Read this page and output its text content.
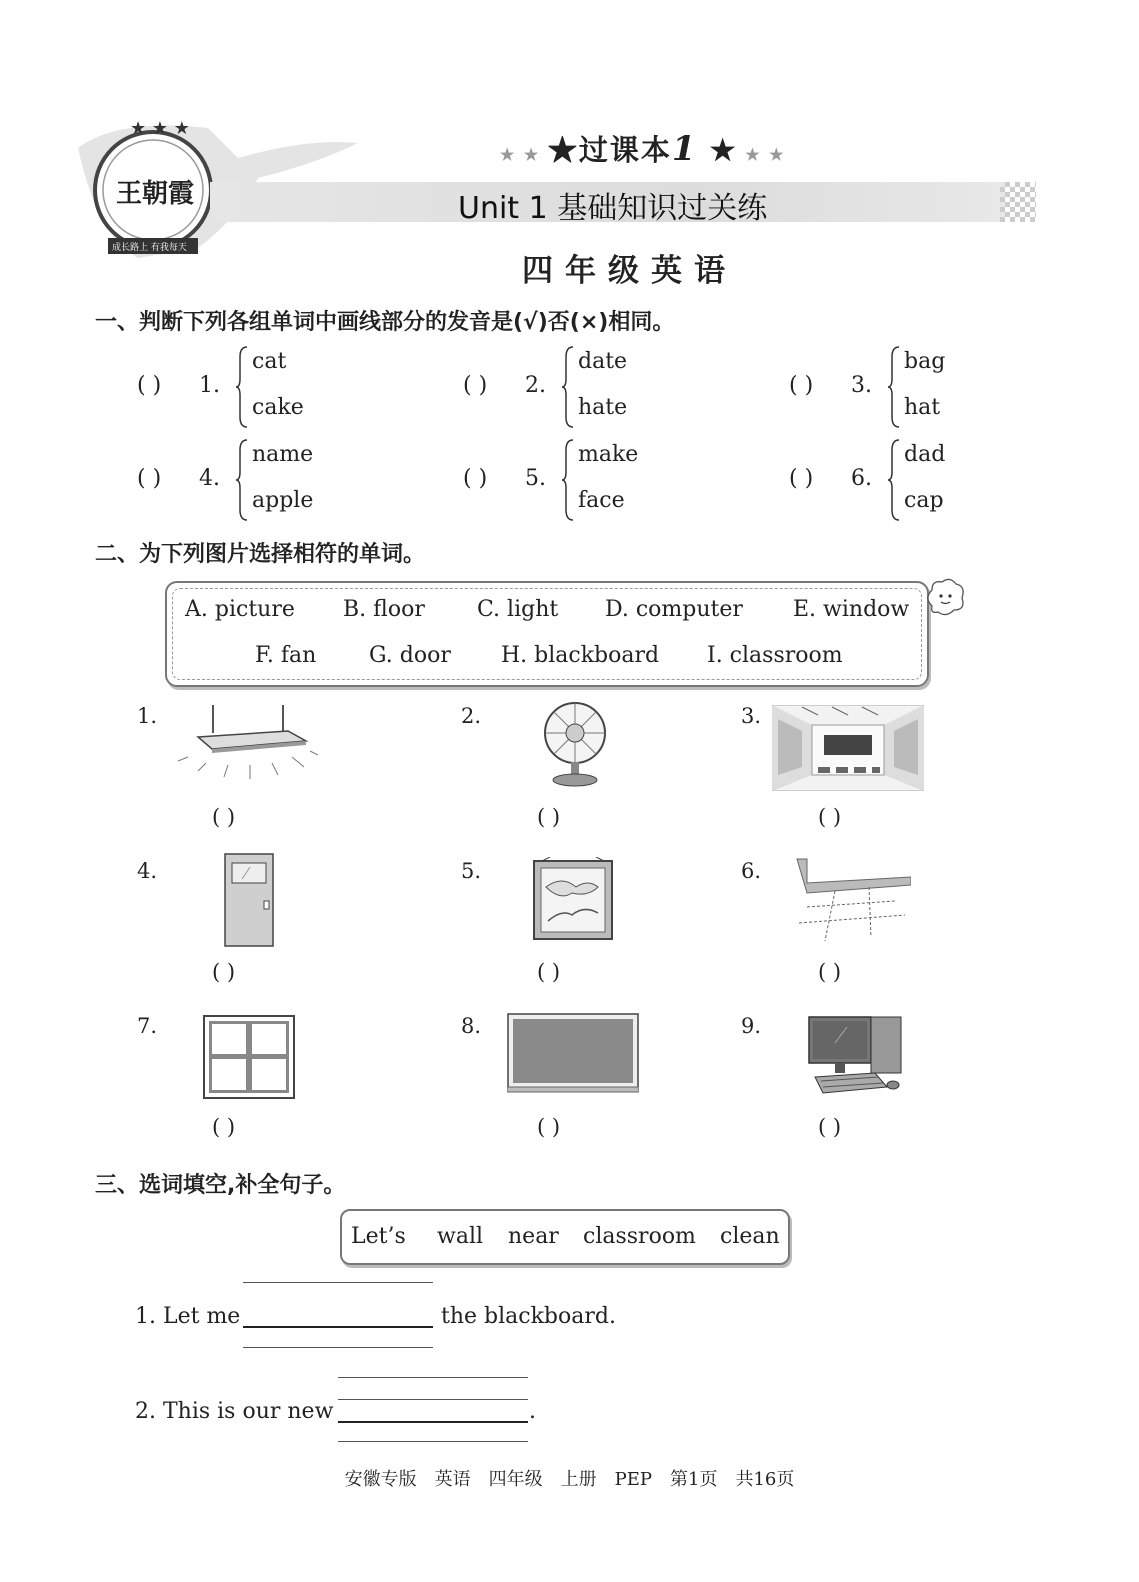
★ ★ ★
王朝霞
成长路上 有我每天
★ ★ ★过课本1 ★ ★ ★
Unit 1 基础知识过关练
四年级英语
一、判断下列各组单词中画线部分的发音是(√)否(×)相同。
( ) 1.
cat
cake
( ) 2.
date
hate
( ) 3.
bag
hat
( ) 4.
name
apple
( ) 5.
make
face
( ) 6.
dad
cap
二、为下列图片选择相符的单词。
A. picture B. floor C. light D. computer E. window
F. fan G. door H. blackboard I. classroom
1.
( )
2.
( )
3.
( )
4.
( )
5.
( )
6.
( )
7.
( )
8.
( )
9.
( )
三、选词填空,补全句子。
Let’s wall near classroom clean
1. Let me	the blackboard.
2. This is our new	.
安徽专版 英语 四年级 上册 PEP 第1页 共16页
